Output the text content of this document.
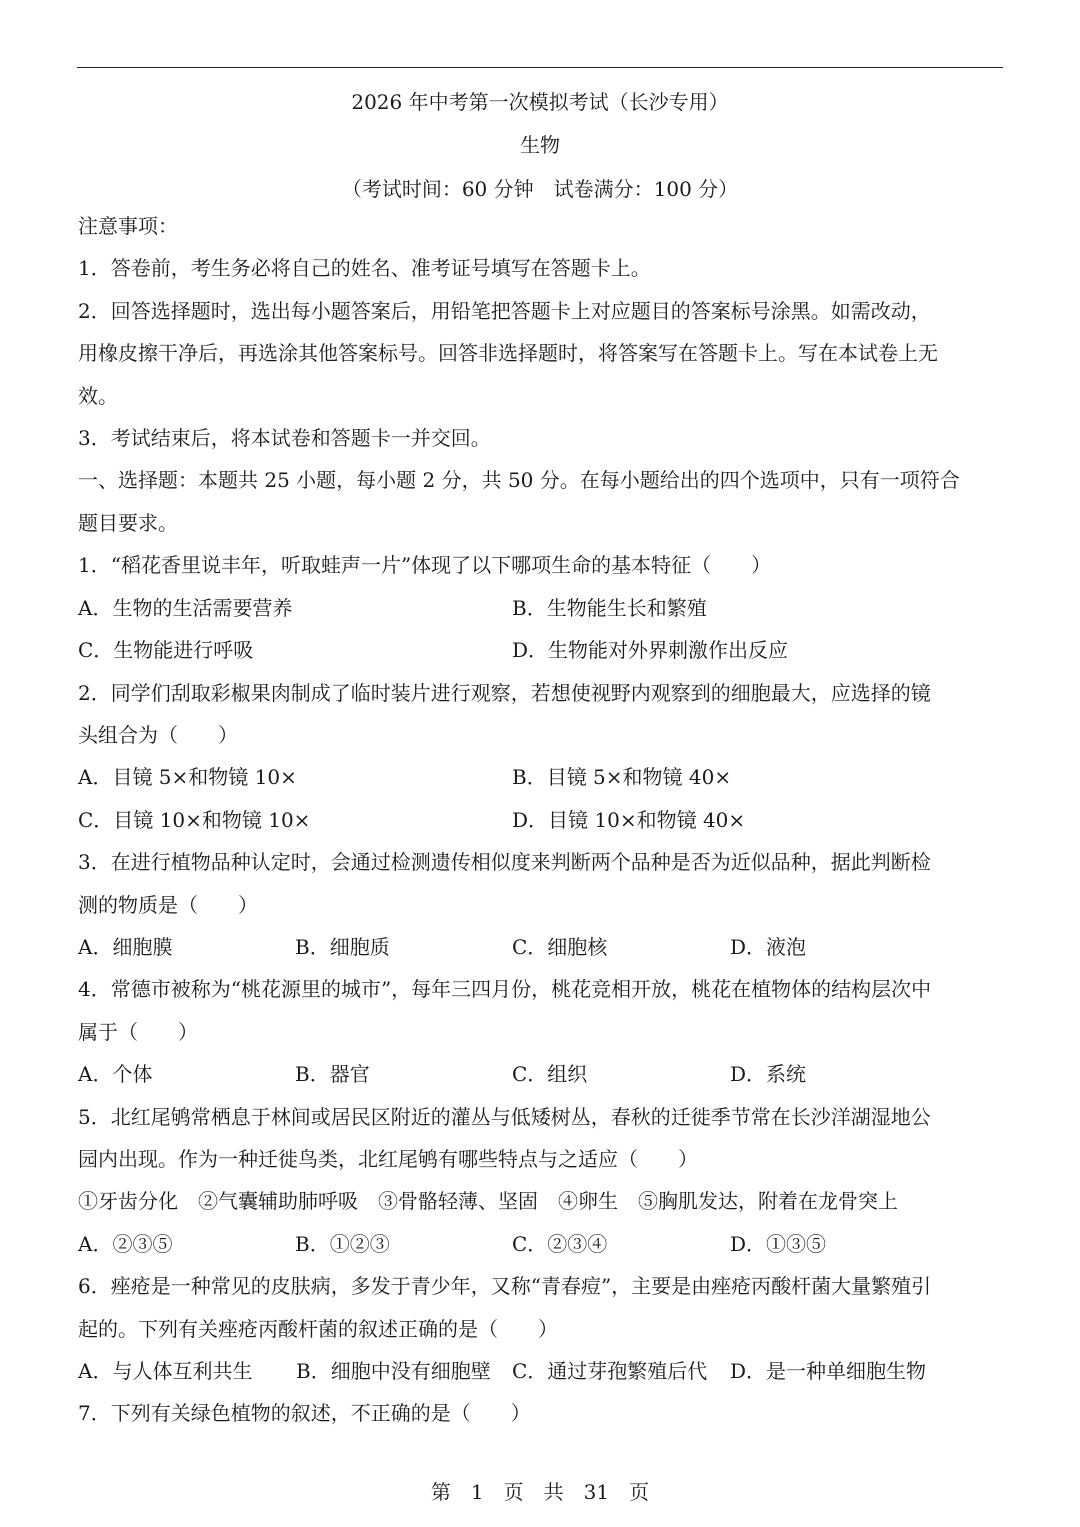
2026 年中考第一次模拟考试（长沙专用）
生物
（考试时间：60 分钟　试卷满分：100 分）
注意事项：
1．答卷前，考生务必将自己的姓名、准考证号填写在答题卡上。
2．回答选择题时，选出每小题答案后，用铅笔把答题卡上对应题目的答案标号涂黑。如需改动，
用橡皮擦干净后，再选涂其他答案标号。回答非选择题时，将答案写在答题卡上。写在本试卷上无
效。
3．考试结束后，将本试卷和答题卡一并交回。
一、选择题：本题共 25 小题，每小题 2 分，共 50 分。在每小题给出的四个选项中，只有一项符合
题目要求。
1．“稻花香里说丰年，听取蛙声一片”体现了以下哪项生命的基本特征（　　）
A．生物的生活需要营养	B．生物能生长和繁殖
C．生物能进行呼吸	D．生物能对外界刺激作出反应
2．同学们刮取彩椒果肉制成了临时装片进行观察，若想使视野内观察到的细胞最大，应选择的镜
头组合为（　　）
A．目镜 5×和物镜 10×	B．目镜 5×和物镜 40×
C．目镜 10×和物镜 10×	D．目镜 10×和物镜 40×
3．在进行植物品种认定时，会通过检测遗传相似度来判断两个品种是否为近似品种，据此判断检
测的物质是（　　）
A．细胞膜	B．细胞质	C．细胞核	D．液泡
4．常德市被称为“桃花源里的城市”，每年三四月份，桃花竞相开放，桃花在植物体的结构层次中
属于（　　）
A．个体	B．器官	C．组织	D．系统
5．北红尾鸲常栖息于林间或居民区附近的灌丛与低矮树丛，春秋的迁徙季节常在长沙洋湖湿地公
园内出现。作为一种迁徙鸟类，北红尾鸲有哪些特点与之适应（　　）
①牙齿分化　②气囊辅助肺呼吸　③骨骼轻薄、坚固　④卵生　⑤胸肌发达，附着在龙骨突上
A．②③⑤	B．①②③	C．②③④	D．①③⑤
6．痤疮是一种常见的皮肤病，多发于青少年，又称“青春痘”，主要是由痤疮丙酸杆菌大量繁殖引
起的。下列有关痤疮丙酸杆菌的叙述正确的是（　　）
A．与人体互利共生 B．细胞中没有细胞壁 C．通过芽孢繁殖后代 D．是一种单细胞生物
7．下列有关绿色植物的叙述，不正确的是（　　）
第　1　页　共　31　页
